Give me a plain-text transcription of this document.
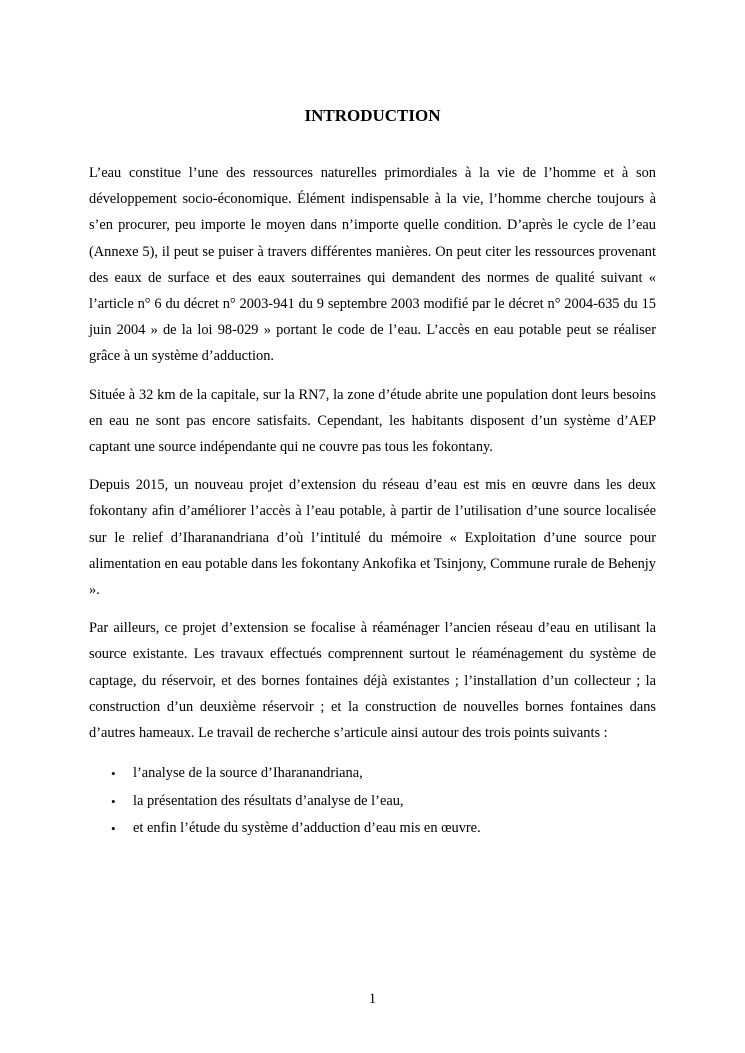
INTRODUCTION

L’eau constitue l’une des ressources naturelles primordiales à la vie de l’homme et à son développement socio-économique. Élément indispensable à la vie, l’homme cherche toujours à s’en procurer, peu importe le moyen dans n’importe quelle condition. D’après le cycle de l’eau (Annexe 5), il peut se puiser à travers différentes manières. On peut citer les ressources provenant des eaux de surface et des eaux souterraines qui demandent des normes de qualité suivant « l’article n° 6 du décret n° 2003-941 du 9 septembre 2003 modifié par le décret n° 2004-635 du 15 juin 2004 » de la loi 98-029 » portant le code de l’eau. L’accès en eau potable peut se réaliser grâce à un système d’adduction.

Située à 32 km de la capitale, sur la RN7, la zone d’étude abrite une population dont leurs besoins en eau ne sont pas encore satisfaits. Cependant, les habitants disposent d’un système d’AEP captant une source indépendante qui ne couvre pas tous les fokontany.

Depuis 2015, un nouveau projet d’extension du réseau d’eau est mis en œuvre dans les deux fokontany afin d’améliorer l’accès à l’eau potable, à partir de l’utilisation d’une source localisée sur le relief d’Iharanandriana d’où l’intitulé du mémoire « Exploitation d’une source pour alimentation en eau potable dans les fokontany Ankofika et Tsinjony, Commune rurale de Behenjy ».

Par ailleurs, ce projet d’extension se focalise à réaménager l’ancien réseau d’eau en utilisant la source existante. Les travaux effectués comprennent surtout le réaménagement du système de captage, du réservoir, et des bornes fontaines déjà existantes ; l’installation d’un collecteur ; la construction d’un deuxième réservoir ; et la construction de nouvelles bornes fontaines dans d’autres hameaux. Le travail de recherche s’articule ainsi autour des trois points suivants :

• l’analyse de la source d’Iharanandriana,
• la présentation des résultats d’analyse de l’eau,
• et enfin l’étude du système d’adduction d’eau mis en œuvre.
1
